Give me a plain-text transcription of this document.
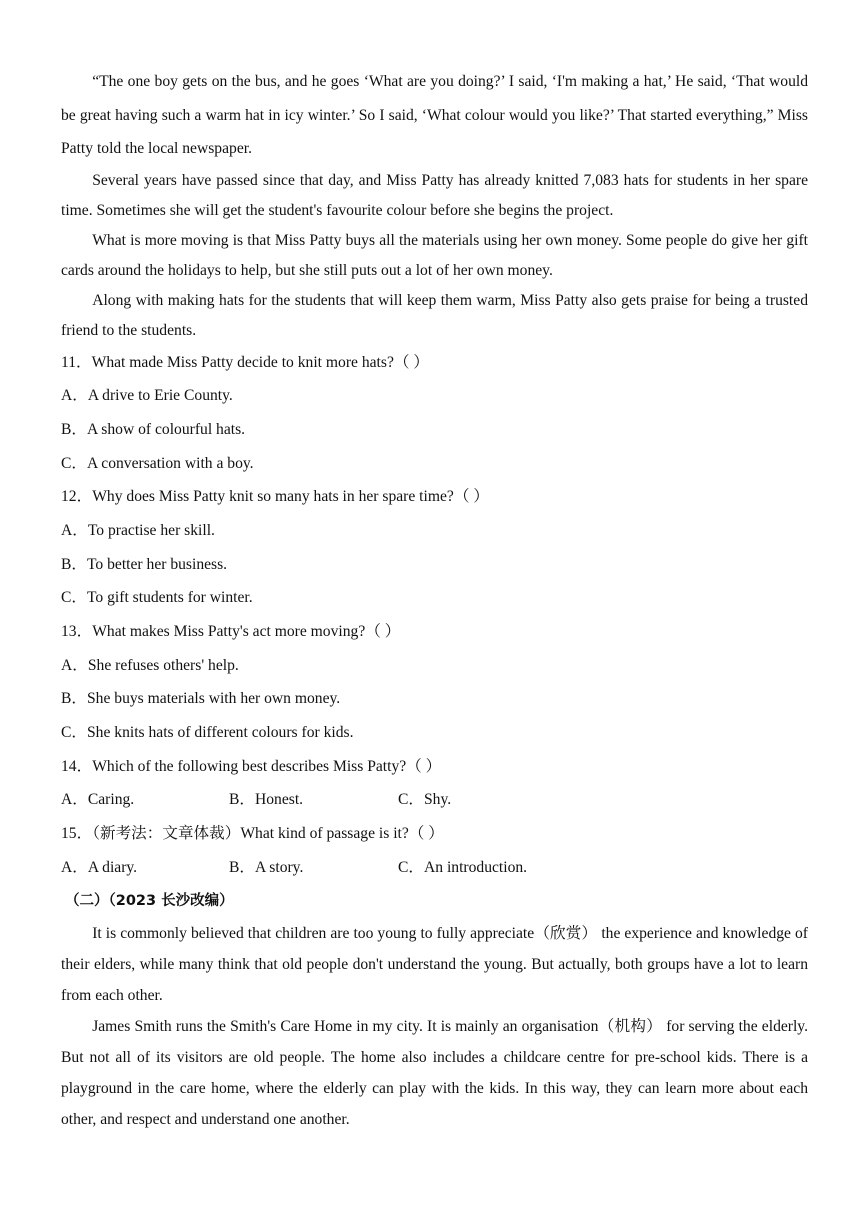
“The one boy gets on the bus, and he goes ‘What are you doing?’ I said, ‘I'm making a hat,’ He said, ‘That would be great having such a warm hat in icy winter.’ So I said, ‘What colour would you like?’ That started everything,” Miss Patty told the local newspaper.

Several years have passed since that day, and Miss Patty has already knitted 7,083 hats for students in her spare time. Sometimes she will get the student's favourite colour before she begins the project.

What is more moving is that Miss Patty buys all the materials using her own money. Some people do give her gift cards around the holidays to help, but she still puts out a lot of her own money.

Along with making hats for the students that will keep them warm, Miss Patty also gets praise for being a trusted friend to the students.

11．What made Miss Patty decide to knit more hats?（ ）

A．A drive to Erie County.

B．A show of colourful hats.

C．A conversation with a boy.

12．Why does Miss Patty knit so many hats in her spare time?（ ）

A．To practise her skill.

B．To better her business.

C．To gift students for winter.

13．What makes Miss Patty's act more moving?（ ）

A．She refuses others' help.

B．She buys materials with her own money.

C．She knits hats of different colours for kids.

14．Which of the following best describes Miss Patty?（ ）

A．Caring.	B．Honest.	C．Shy.

15．（新考法：文章体裁）What kind of passage is it?（ ）

A．A diary.	B．A story.	C．An introduction.

（二）（2023 长沙改编）

It is commonly believed that children are too young to fully appreciate（欣赏） the experience and knowledge of their elders, while many think that old people don't understand the young. But actually, both groups have a lot to learn from each other.

James Smith runs the Smith's Care Home in my city. It is mainly an organisation（机构） for serving the elderly. But not all of its visitors are old people. The home also includes a childcare centre for pre-school kids. There is a playground in the care home, where the elderly can play with the kids. In this way, they can learn more about each other, and respect and understand one another.
